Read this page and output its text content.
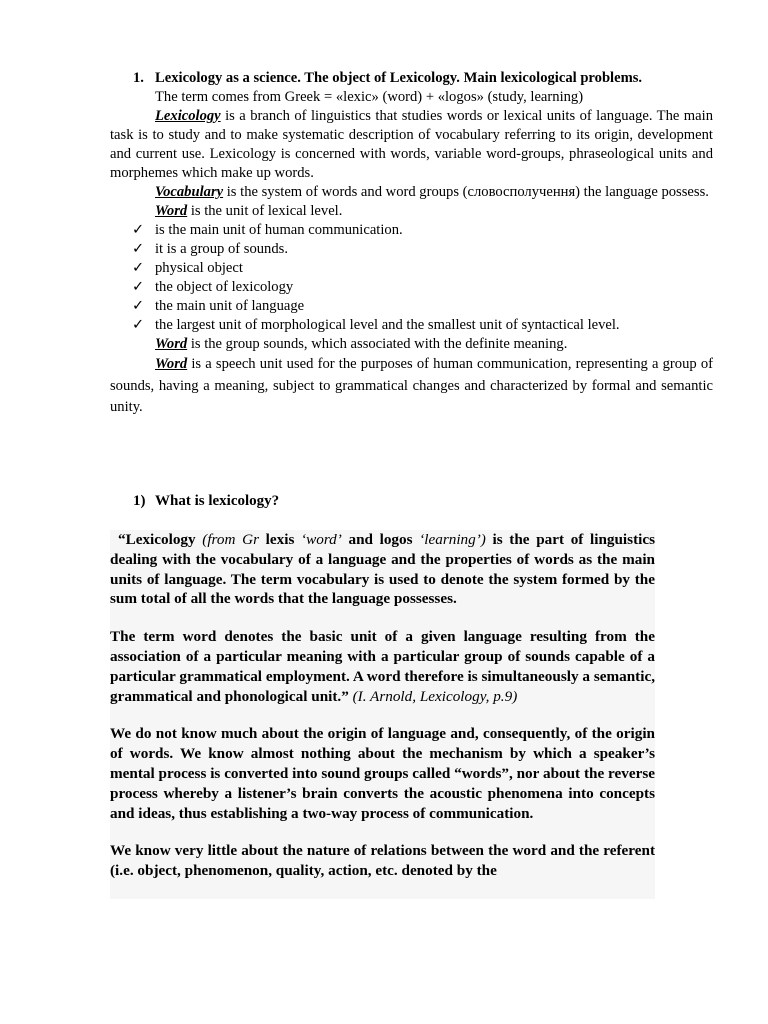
1. Lexicology as a science. The object of Lexicology. Main lexicological problems.

The term comes from Greek = «lexic» (word) + «logos» (study, learning)

Lexicology is a branch of linguistics that studies words or lexical units of language. The main task is to study and to make systematic description of vocabulary referring to its origin, development and current use. Lexicology is concerned with words, variable word-groups, phraseological units and morphemes which make up words.

Vocabulary is the system of words and word groups (словосполучення) the language possess.

Word is the unit of lexical level.

✓ is the main unit of human communication.
✓ it is a group of sounds.
✓ physical object
✓ the object of lexicology
✓ the main unit of language
✓ the largest unit of morphological level and the smallest unit of syntactical level.

Word is the group sounds, which associated with the definite meaning.

Word is a speech unit used for the purposes of human communication, representing a group of sounds, having a meaning, subject to grammatical changes and characterized by formal and semantic unity.

1) What is lexicology?

“Lexicology (from Gr lexis ‘word’ and logos ‘learning’) is the part of linguistics dealing with the vocabulary of a language and the properties of words as the main units of language. The term vocabulary is used to denote the system formed by the sum total of all the words that the language possesses.

The term word denotes the basic unit of a given language resulting from the association of a particular meaning with a particular group of sounds capable of a particular grammatical employment. A word therefore is simultaneously a semantic, grammatical and phonological unit.” (I. Arnold, Lexicology, p.9)

We do not know much about the origin of language and, consequently, of the origin of words. We know almost nothing about the mechanism by which a speaker’s mental process is converted into sound groups called “words”, nor about the reverse process whereby a listener’s brain converts the acoustic phenomena into concepts and ideas, thus establishing a two-way process of communication.

We know very little about the nature of relations between the word and the referent (i.e. object, phenomenon, quality, action, etc. denoted by the
